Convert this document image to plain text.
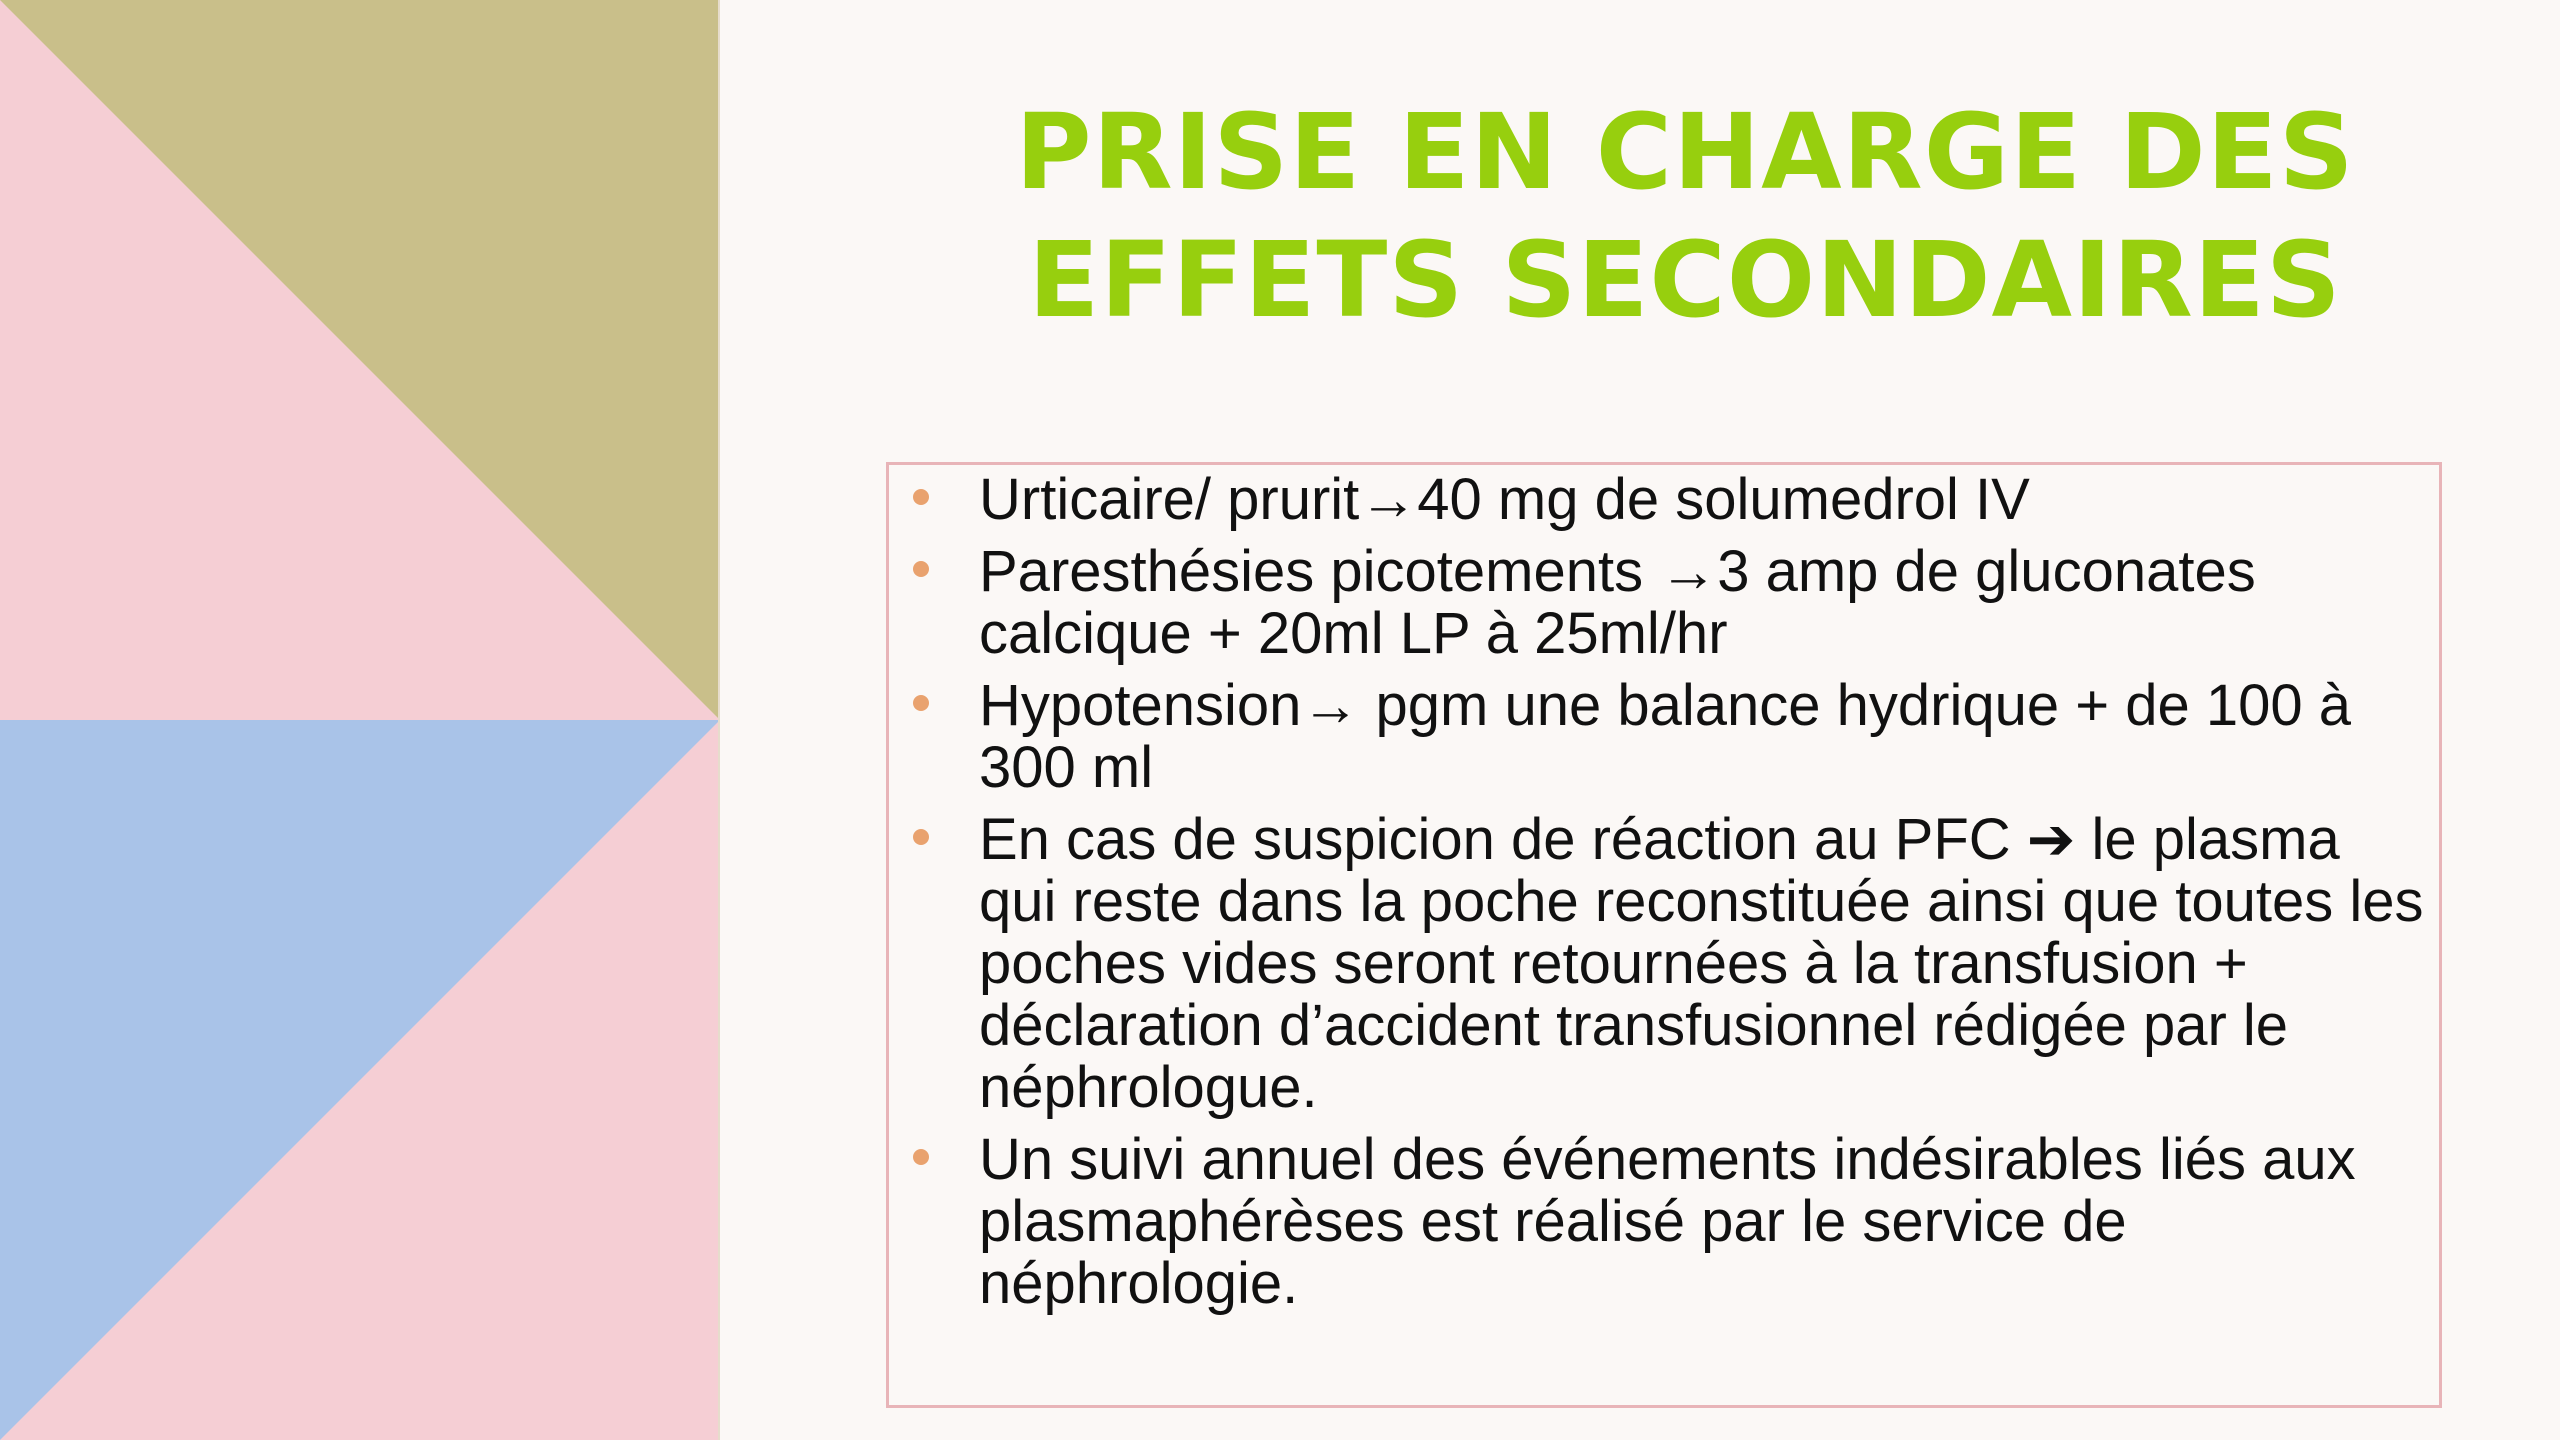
PRISE EN CHARGE DES
EFFETS SECONDAIRES
Urticaire/ prurit→40 mg de solumedrol IV
Paresthésies picotements →3 amp de gluconates calcique + 20ml LP à 25ml/hr
Hypotension→ pgm une balance hydrique + de 100 à 300 ml
En cas de suspicion de réaction au PFC ➔ le plasma qui reste dans la poche reconstituée ainsi que toutes les poches vides seront retournées à la transfusion + déclaration d’accident transfusionnel rédigée par le néphrologue.
Un suivi annuel des événements indésirables liés aux plasmaphérèses est réalisé par le service de néphrologie.
